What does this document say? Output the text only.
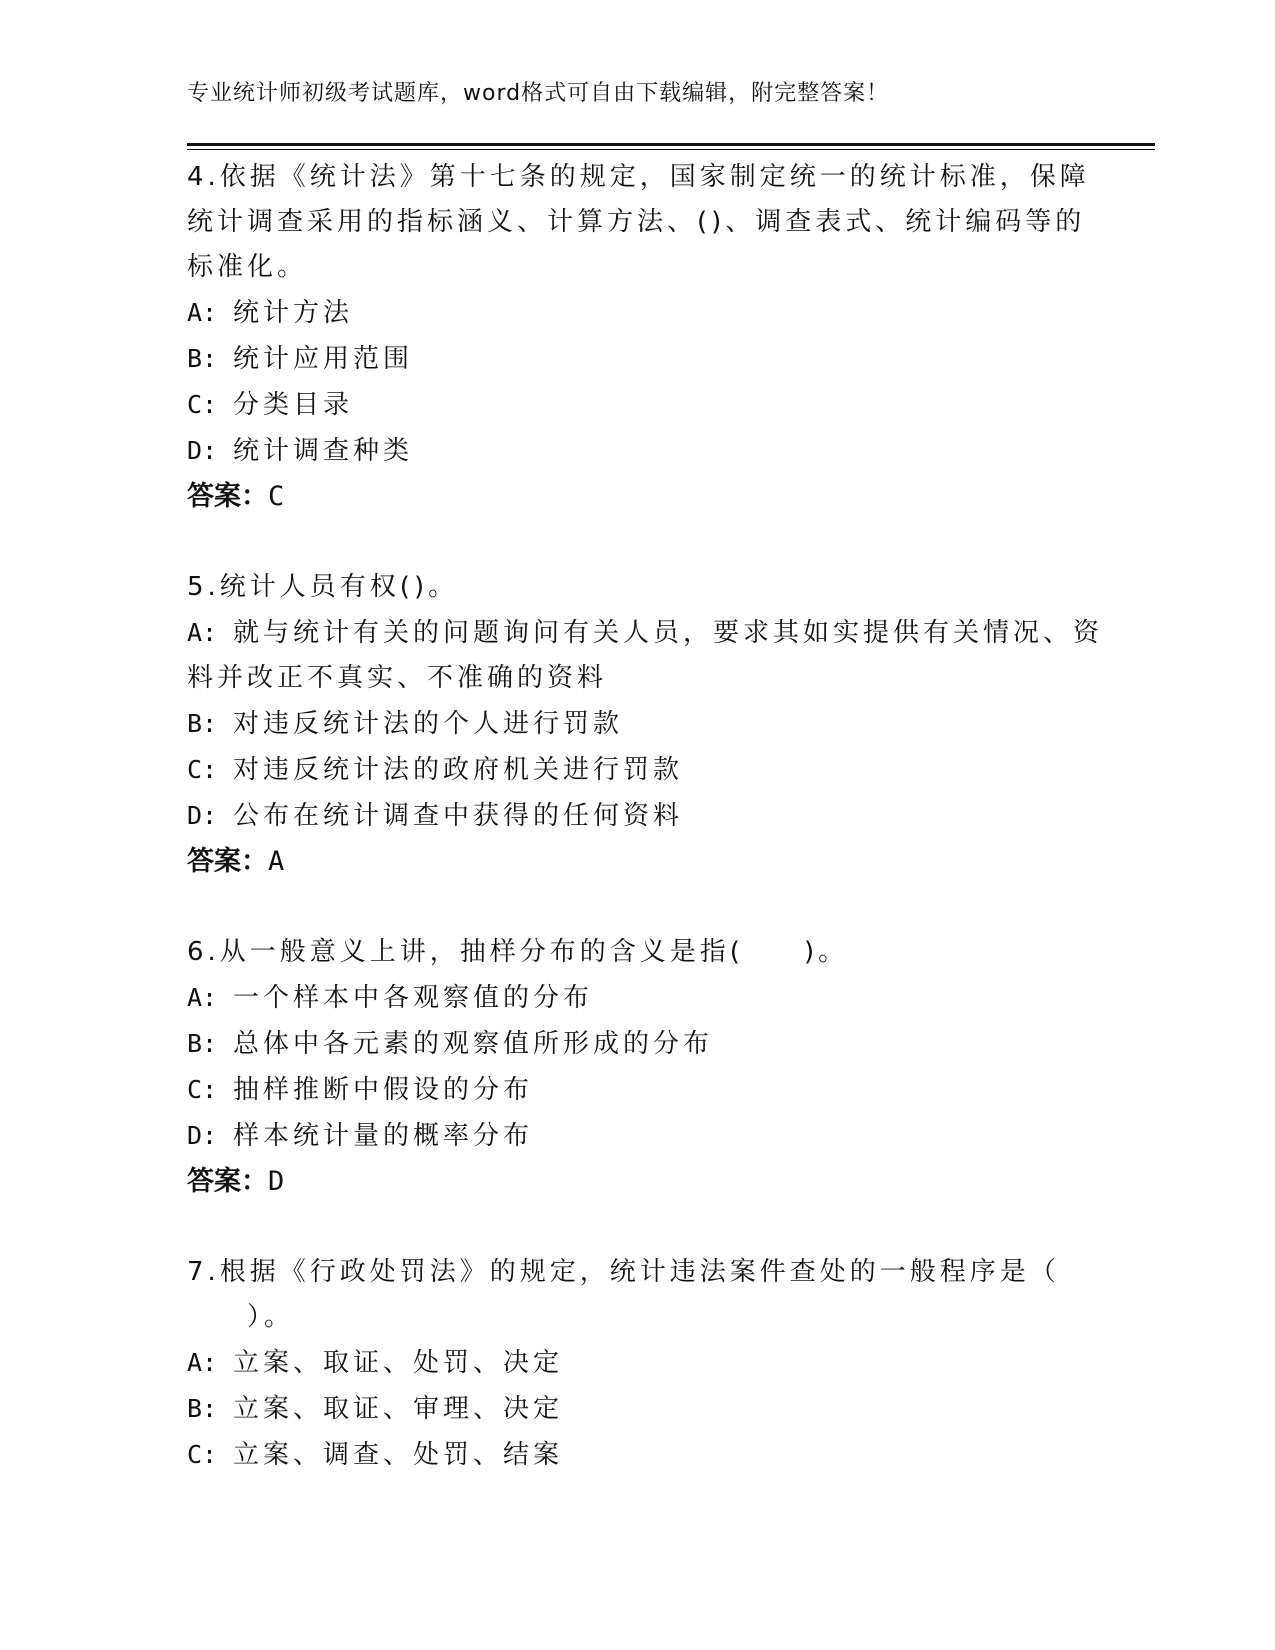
专业统计师初级考试题库，word格式可自由下载编辑，附完整答案！
4.依据《统计法》第十七条的规定，国家制定统一的统计标准，保障
统计调查采用的指标涵义、计算方法、()、调查表式、统计编码等的
标准化。
A: 统计方法
B: 统计应用范围
C: 分类目录
D: 统计调查种类
答案：C
5.统计人员有权()。
A: 就与统计有关的问题询问有关人员，要求其如实提供有关情况、资
料并改正不真实、不准确的资料
B: 对违反统计法的个人进行罚款
C: 对违反统计法的政府机关进行罚款
D: 公布在统计调查中获得的任何资料
答案：A
6.从一般意义上讲，抽样分布的含义是指(　　)。
A: 一个样本中各观察值的分布
B: 总体中各元素的观察值所形成的分布
C: 抽样推断中假设的分布
D: 样本统计量的概率分布
答案：D
7.根据《行政处罚法》的规定，统计违法案件查处的一般程序是（
　　）。
A: 立案、取证、处罚、决定
B: 立案、取证、审理、决定
C: 立案、调查、处罚、结案
